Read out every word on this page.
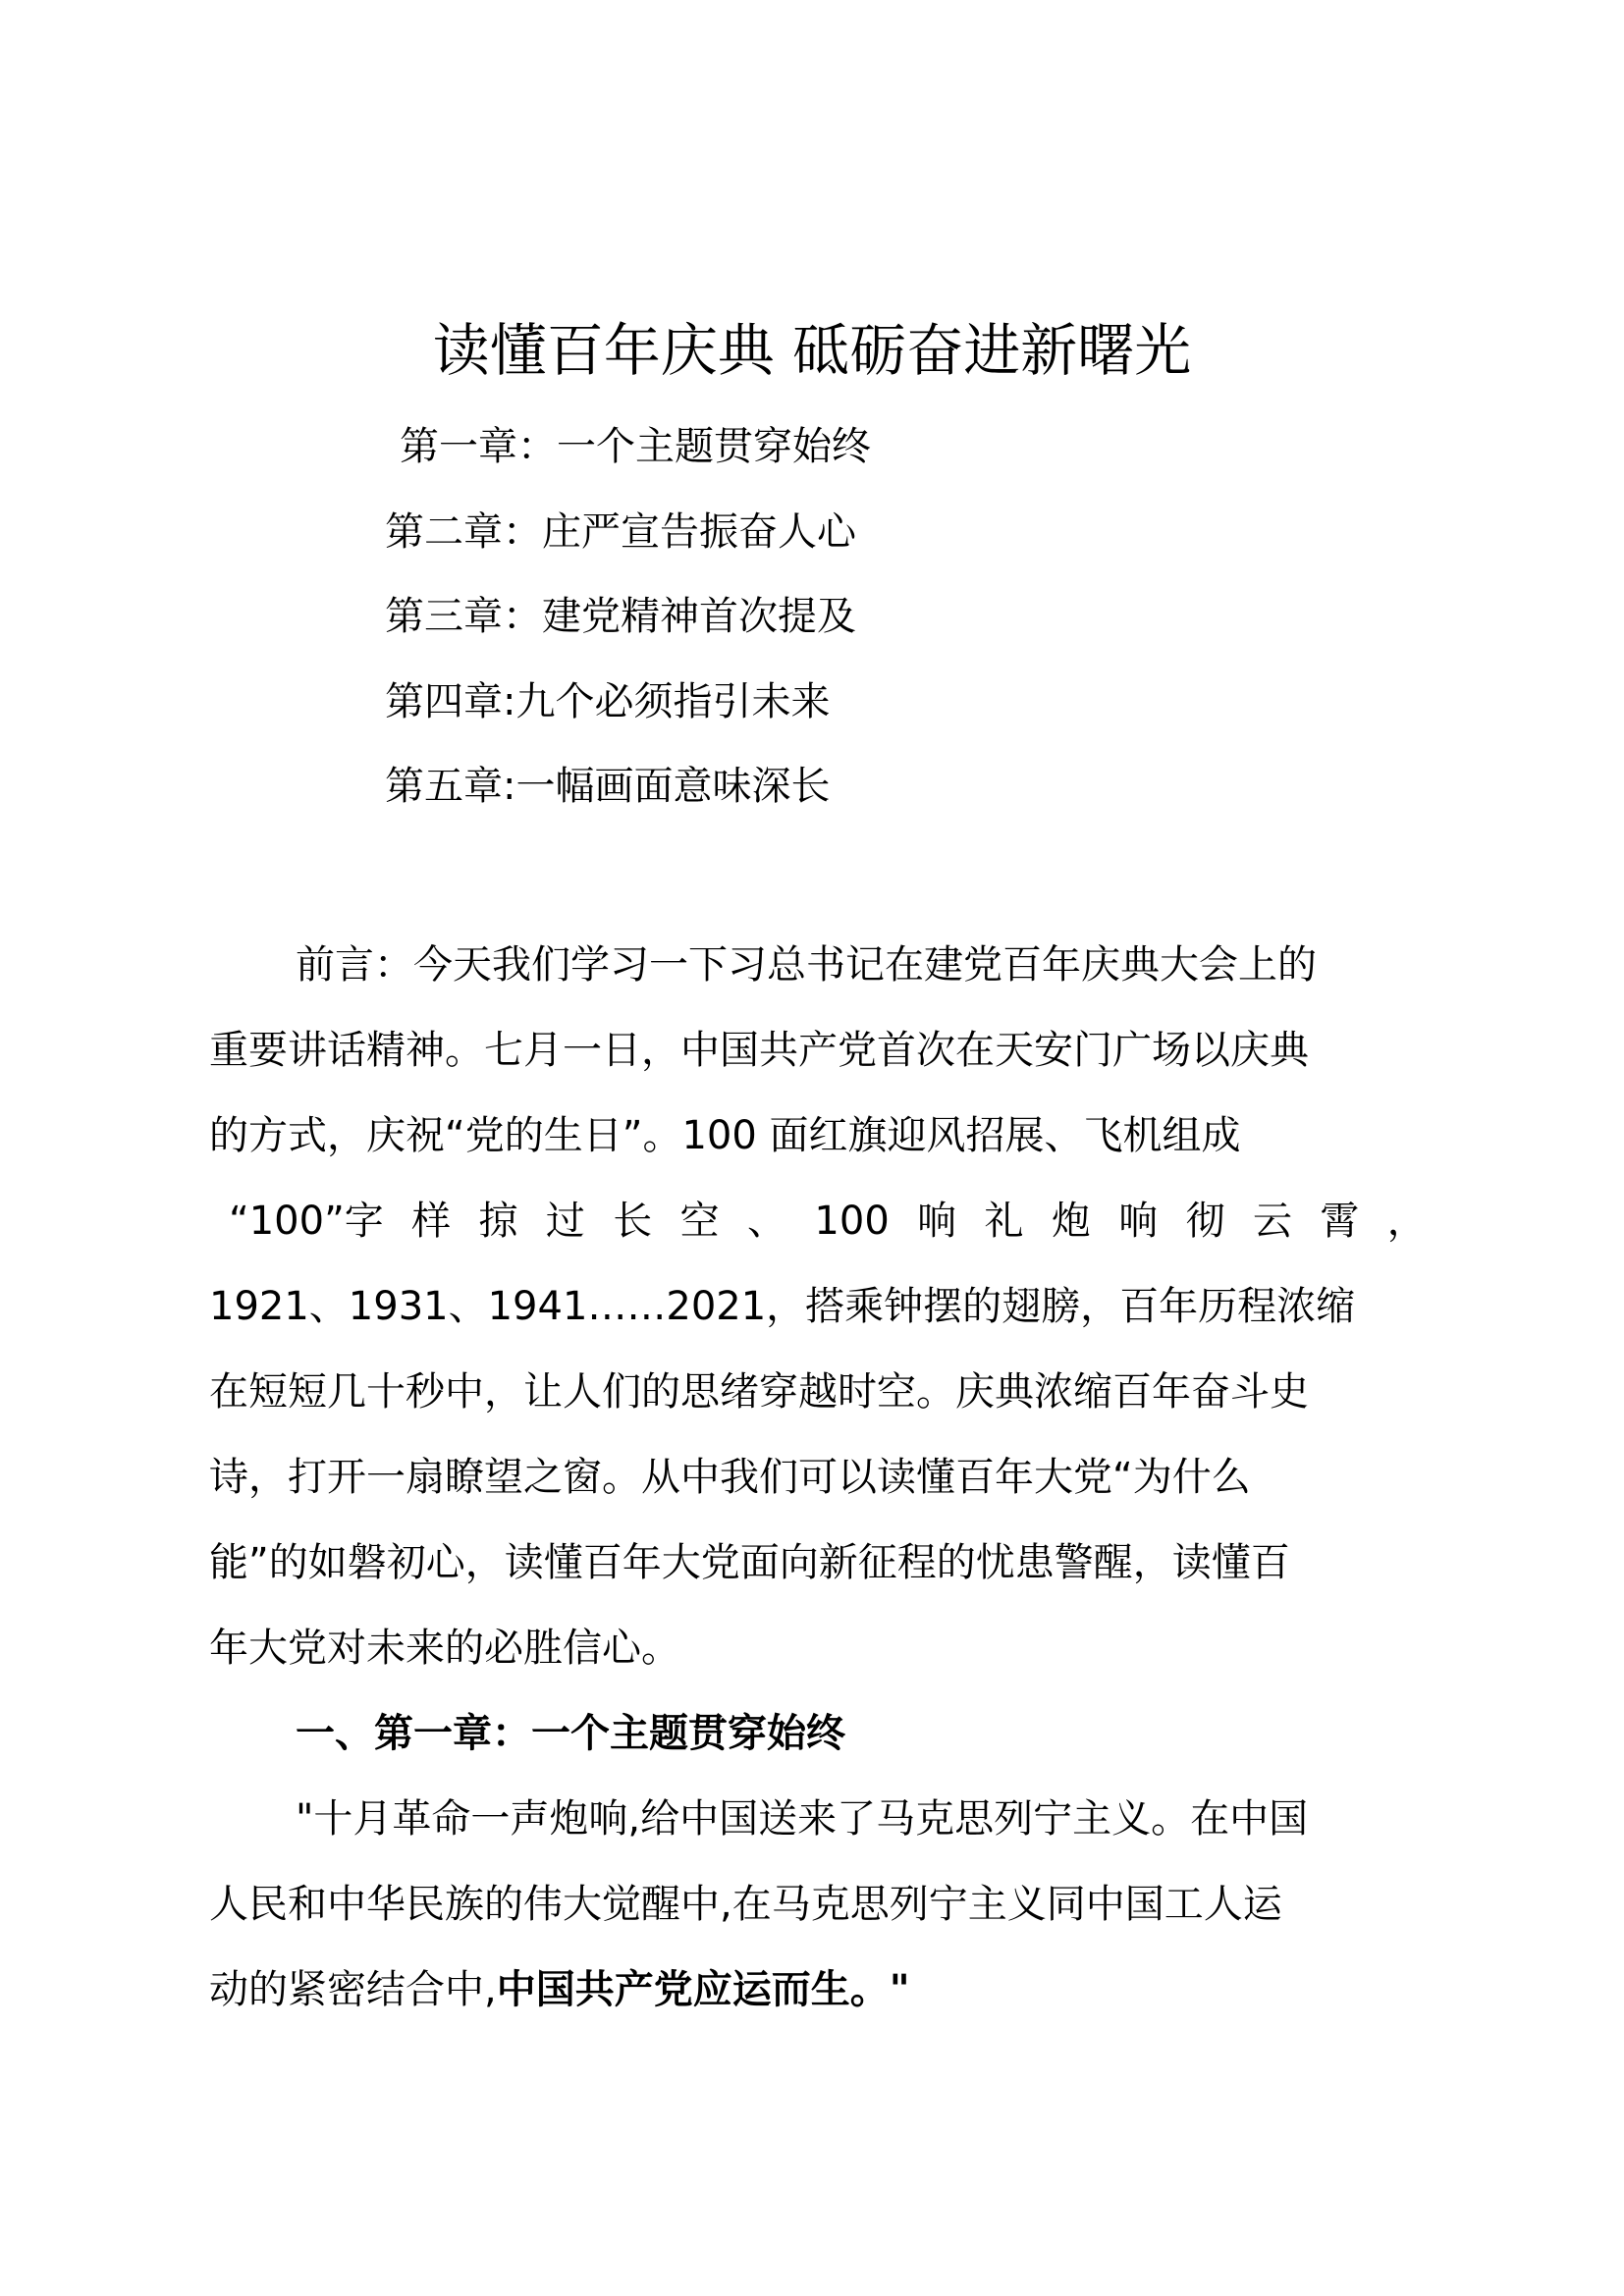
读懂百年庆典 砥砺奋进新曙光
第一章：一个主题贯穿始终
第二章：庄严宣告振奋人心
第三章：建党精神首次提及
第四章:九个必须指引未来
第五章:一幅画面意味深长
前言：今天我们学习一下习总书记在建党百年庆典大会上的
重要讲话精神。七月一日，中国共产党首次在天安门广场以庆典
的方式，庆祝“党的生日”。100 面红旗迎风招展、飞机组成
“100”字 样 掠 过 长 空 、 100 响 礼 炮 响 彻 云 霄 ，
1921、1931、1941……2021，搭乘钟摆的翅膀，百年历程浓缩
在短短几十秒中，让人们的思绪穿越时空。庆典浓缩百年奋斗史
诗，打开一扇瞭望之窗。从中我们可以读懂百年大党“为什么
能”的如磐初心，读懂百年大党面向新征程的忧患警醒，读懂百
年大党对未来的必胜信心。
一、第一章：一个主题贯穿始终
"十月革命一声炮响,给中国送来了马克思列宁主义。在中国
人民和中华民族的伟大觉醒中,在马克思列宁主义同中国工人运
动的紧密结合中,中国共产党应运而生。"
